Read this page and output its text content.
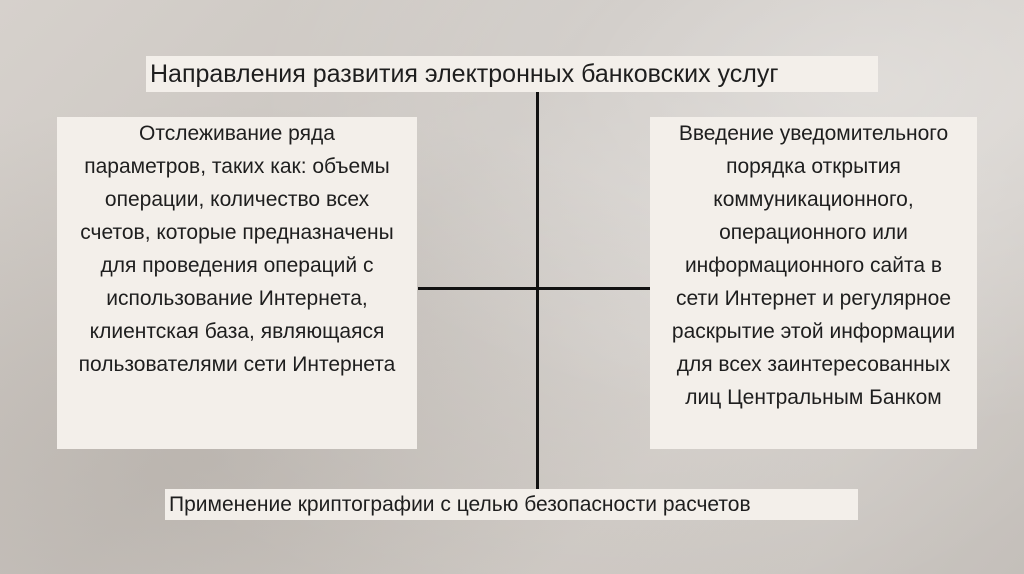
Направления развития электронных банковских услуг
Отслеживание ряда
параметров, таких как: объемы
операции, количество всех
счетов, которые предназначены
для проведения операций с
использование Интернета,
клиентская база, являющаяся
пользователями сети Интернета
Введение уведомительного
порядка открытия
коммуникационного,
операционного или
информационного сайта в
сети Интернет и регулярное
раскрытие этой информации
для всех заинтересованных
лиц Центральным Банком
Применение криптографии с целью безопасности расчетов
